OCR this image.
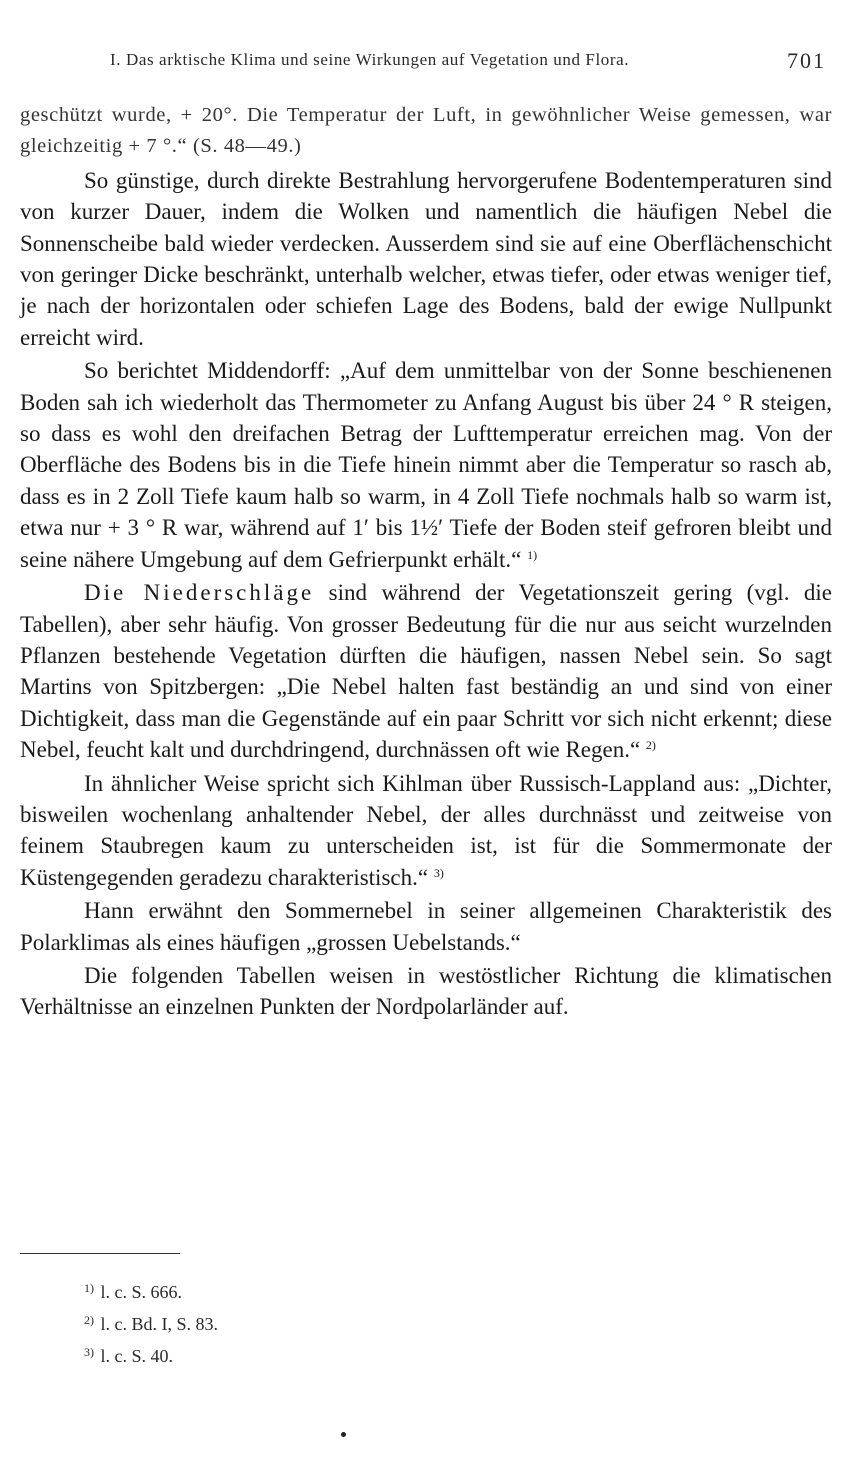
I. Das arktische Klima und seine Wirkungen auf Vegetation und Flora.	701

geschützt wurde, + 20°. Die Temperatur der Luft, in gewöhnlicher Weise gemessen, war gleichzeitig + 7 °.“ (S. 48—49.)

So günstige, durch direkte Bestrahlung hervorgerufene Bodentemperaturen sind von kurzer Dauer, indem die Wolken und namentlich die häufigen Nebel die Sonnenscheibe bald wieder verdecken. Ausserdem sind sie auf eine Oberflächenschicht von geringer Dicke beschränkt, unterhalb welcher, etwas tiefer, oder etwas weniger tief, je nach der horizontalen oder schiefen Lage des Bodens, bald der ewige Nullpunkt erreicht wird.

So berichtet Middendorff: „Auf dem unmittelbar von der Sonne beschienenen Boden sah ich wiederholt das Thermometer zu Anfang August bis über 24 ° R steigen, so dass es wohl den dreifachen Betrag der Lufttemperatur erreichen mag. Von der Oberfläche des Bodens bis in die Tiefe hinein nimmt aber die Temperatur so rasch ab, dass es in 2 Zoll Tiefe kaum halb so warm, in 4 Zoll Tiefe nochmals halb so warm ist, etwa nur + 3 ° R war, während auf 1′ bis 1½′ Tiefe der Boden steif gefroren bleibt und seine nähere Umgebung auf dem Gefrierpunkt erhält.“ $^{1)}$

Die Niederschläge sind während der Vegetationszeit gering (vgl. die Tabellen), aber sehr häufig. Von grosser Bedeutung für die nur aus seicht wurzelnden Pflanzen bestehende Vegetation dürften die häufigen, nassen Nebel sein. So sagt Martins von Spitzbergen: „Die Nebel halten fast beständig an und sind von einer Dichtigkeit, dass man die Gegenstände auf ein paar Schritt vor sich nicht erkennt; diese Nebel, feucht kalt und durchdringend, durchnässen oft wie Regen.“ $^{2)}$

In ähnlicher Weise spricht sich Kihlman über Russisch-Lappland aus: „Dichter, bisweilen wochenlang anhaltender Nebel, der alles durchnässt und zeitweise von feinem Staubregen kaum zu unterscheiden ist, ist für die Sommermonate der Küstengegenden geradezu charakteristisch.“ $^{3)}$

Hann erwähnt den Sommernebel in seiner allgemeinen Charakteristik des Polarklimas als eines häufigen „grossen Uebelstands.“

Die folgenden Tabellen weisen in westöstlicher Richtung die klimatischen Verhältnisse an einzelnen Punkten der Nordpolarländer auf.

$^{1)}$ l. c. S. 666.
$^{2)}$ l. c. Bd. I, S. 83.
$^{3)}$ l. c. S. 40.
